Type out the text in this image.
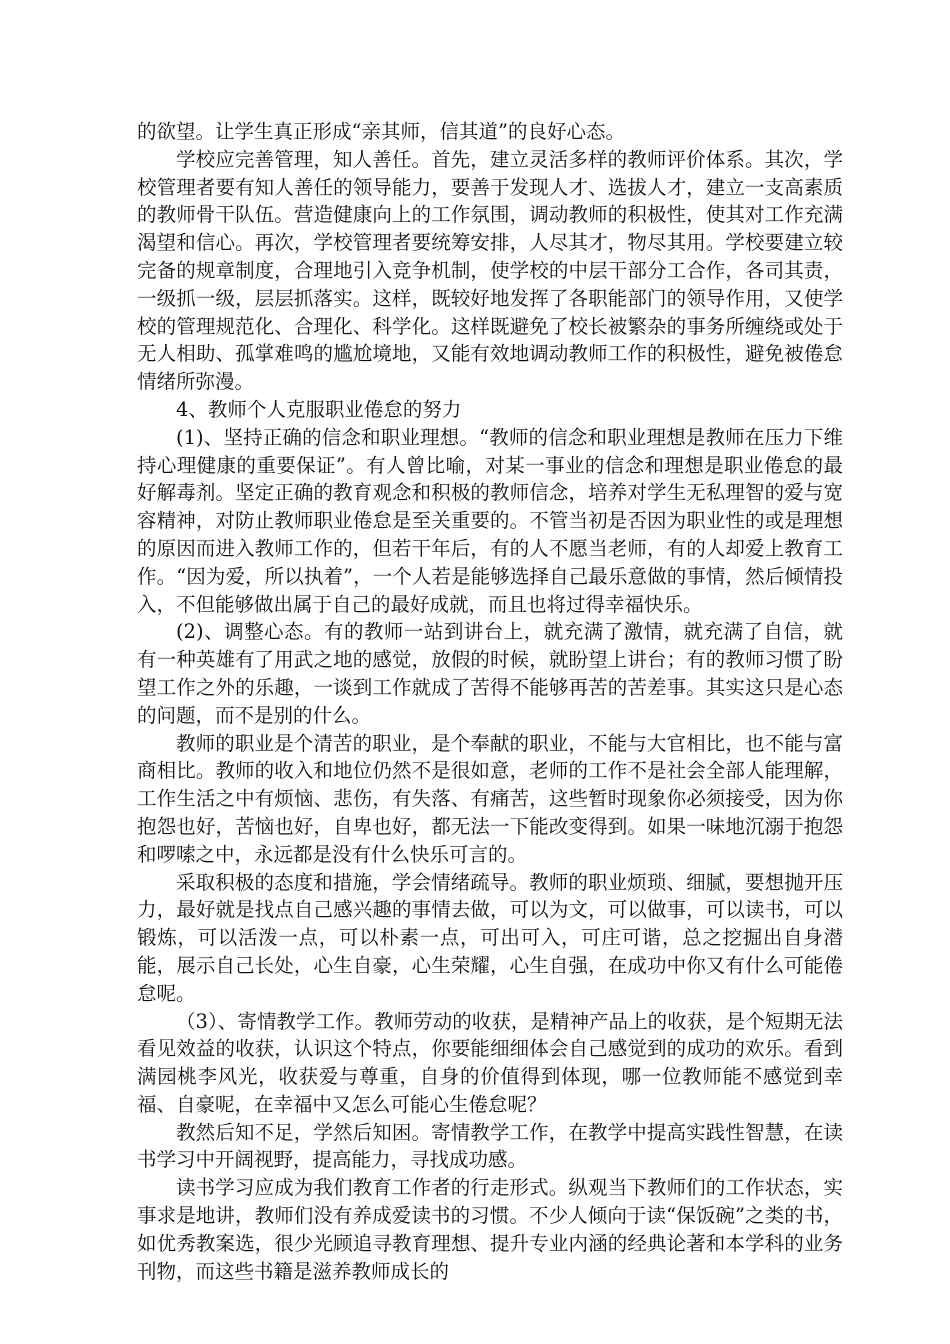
的欲望。让学生真正形成“亲其师，信其道”的良好心态。

学校应完善管理，知人善任。首先，建立灵活多样的教师评价体系。其次，学校管理者要有知人善任的领导能力，要善于发现人才、选拔人才，建立一支高素质的教师骨干队伍。营造健康向上的工作氛围，调动教师的积极性，使其对工作充满渴望和信心。再次，学校管理者要统筹安排，人尽其才，物尽其用。学校要建立较完备的规章制度，合理地引入竞争机制，使学校的中层干部分工合作，各司其责，一级抓一级，层层抓落实。这样，既较好地发挥了各职能部门的领导作用，又使学校的管理规范化、合理化、科学化。这样既避免了校长被繁杂的事务所缠绕或处于无人相助、孤掌难鸣的尴尬境地，又能有效地调动教师工作的积极性，避免被倦怠情绪所弥漫。

4、教师个人克服职业倦怠的努力

(1)、坚持正确的信念和职业理想。“教师的信念和职业理想是教师在压力下维持心理健康的重要保证”。有人曾比喻，对某一事业的信念和理想是职业倦怠的最好解毒剂。坚定正确的教育观念和积极的教师信念，培养对学生无私理智的爱与宽容精神，对防止教师职业倦怠是至关重要的。不管当初是否因为职业性的或是理想的原因而进入教师工作的，但若干年后，有的人不愿当老师，有的人却爱上教育工作。“因为爱，所以执着”，一个人若是能够选择自己最乐意做的事情，然后倾情投入，不但能够做出属于自己的最好成就，而且也将过得幸福快乐。

(2)、调整心态。有的教师一站到讲台上，就充满了激情，就充满了自信，就有一种英雄有了用武之地的感觉，放假的时候，就盼望上讲台；有的教师习惯了盼望工作之外的乐趣，一谈到工作就成了苦得不能够再苦的苦差事。其实这只是心态的问题，而不是别的什么。

教师的职业是个清苦的职业，是个奉献的职业，不能与大官相比，也不能与富商相比。教师的收入和地位仍然不是很如意，老师的工作不是社会全部人能理解，工作生活之中有烦恼、悲伤，有失落、有痛苦，这些暂时现象你必须接受，因为你抱怨也好，苦恼也好，自卑也好，都无法一下能改变得到。如果一味地沉溺于抱怨和啰嗦之中，永远都是没有什么快乐可言的。

采取积极的态度和措施，学会情绪疏导。教师的职业烦琐、细腻，要想抛开压力，最好就是找点自己感兴趣的事情去做，可以为文，可以做事，可以读书，可以锻炼，可以活泼一点，可以朴素一点，可出可入，可庄可谐，总之挖掘出自身潜能，展示自己长处，心生自豪，心生荣耀，心生自强，在成功中你又有什么可能倦怠呢。

（3）、寄情教学工作。教师劳动的收获，是精神产品上的收获，是个短期无法看见效益的收获，认识这个特点，你要能细细体会自己感觉到的成功的欢乐。看到满园桃李风光，收获爱与尊重，自身的价值得到体现，哪一位教师能不感觉到幸福、自豪呢，在幸福中又怎么可能心生倦怠呢？

教然后知不足，学然后知困。寄情教学工作，在教学中提高实践性智慧，在读书学习中开阔视野，提高能力，寻找成功感。

读书学习应成为我们教育工作者的行走形式。纵观当下教师们的工作状态，实事求是地讲，教师们没有养成爱读书的习惯。不少人倾向于读“保饭碗”之类的书，如优秀教案选，很少光顾追寻教育理想、提升专业内涵的经典论著和本学科的业务刊物，而这些书籍是滋养教师成长的
